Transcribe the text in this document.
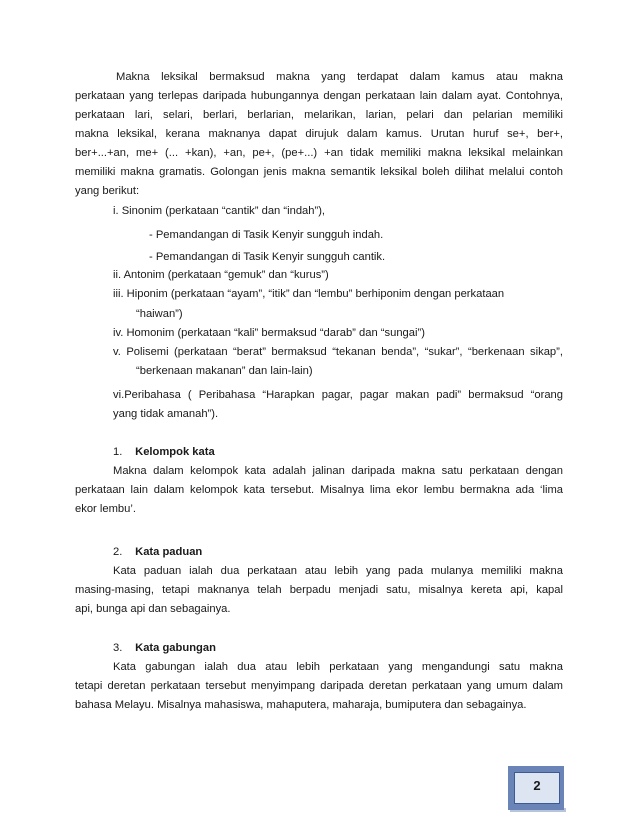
Makna leksikal bermaksud makna yang terdapat dalam kamus atau makna
perkataan yang terlepas daripada hubungannya dengan perkataan lain dalam ayat. Contohnya,
perkataan lari, selari, berlari, berlarian, melarikan, larian, pelari dan pelarian memiliki
makna leksikal, kerana maknanya dapat dirujuk dalam kamus. Urutan huruf se+, ber+,
ber+...+an, me+ (... +kan), +an, pe+, (pe+...) +an tidak memiliki makna leksikal melainkan
memiliki makna gramatis. Golongan jenis makna semantik leksikal boleh dilihat melalui contoh
yang berikut:

i. Sinonim (perkataan “cantik” dan “indah”),

- Pemandangan di Tasik Kenyir sungguh indah.

- Pemandangan di Tasik Kenyir sungguh cantik.

ii. Antonim (perkataan “gemuk” dan “kurus”)

iii. Hiponim (perkataan “ayam”, “itik” dan “lembu” berhiponim dengan perkataan

“haiwan”)

iv. Homonim (perkataan “kali” bermaksud “darab” dan “sungai”)

v. Polisemi (perkataan “berat” bermaksud “tekanan benda”, “sukar”, “berkenaan sikap”,
“berkenaan makanan” dan lain-lain)
vi.Peribahasa ( Peribahasa “Harapkan pagar, pagar makan padi” bermaksud “orang
yang tidak amanah”).

1. Kelompok kata

Makna dalam kelompok kata adalah jalinan daripada makna satu perkataan dengan
perkataan lain dalam kelompok kata tersebut. Misalnya lima ekor lembu bermakna ada ‘lima
ekor lembu’.

2. Kata paduan

Kata paduan ialah dua perkataan atau lebih yang pada mulanya memiliki makna
masing-masing, tetapi maknanya telah berpadu menjadi satu, misalnya kereta api, kapal
api, bunga api dan sebagainya.

3. Kata gabungan

Kata gabungan ialah dua atau lebih perkataan yang mengandungi satu makna
tetapi deretan perkataan tersebut menyimpang daripada deretan perkataan yang umum dalam
bahasa Melayu. Misalnya mahasiswa, mahaputera, maharaja, bumiputera dan sebagainya.
2
